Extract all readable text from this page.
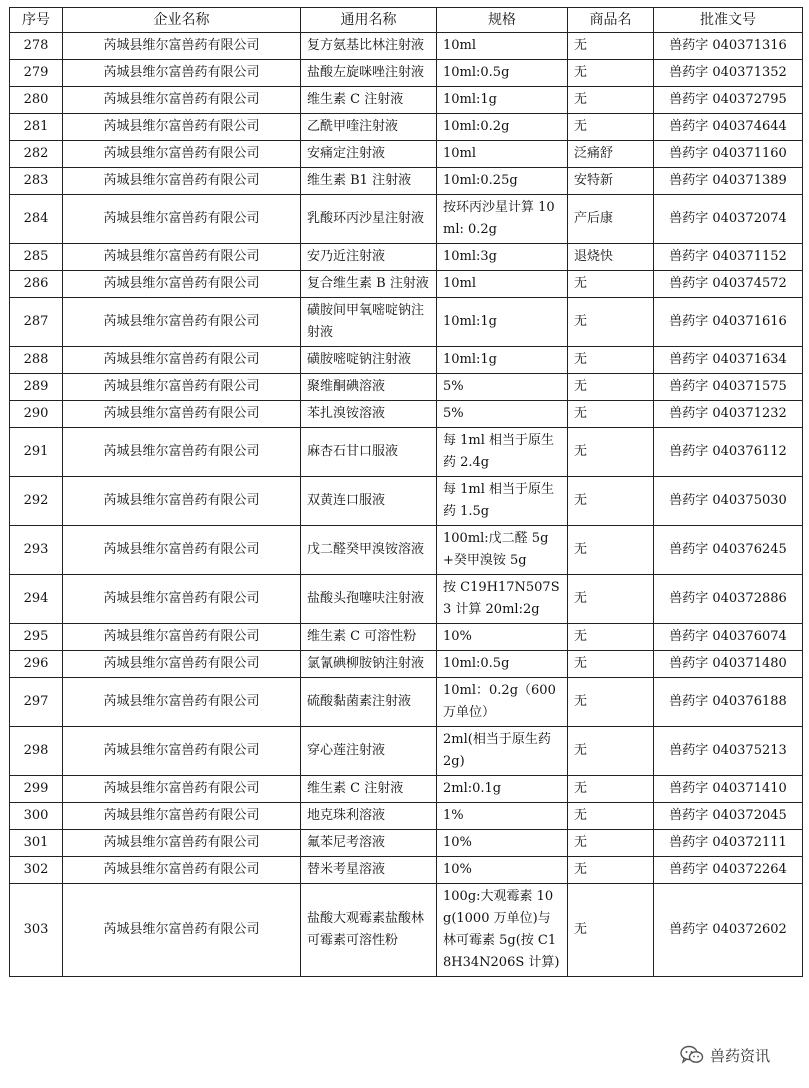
序号	企业名称	通用名称	规格	商品名	批准文号
278	芮城县维尔富兽药有限公司	复方氨基比林注射液	10ml	无	兽药字 040371316
279	芮城县维尔富兽药有限公司	盐酸左旋咪唑注射液	10ml:0.5g	无	兽药字 040371352
280	芮城县维尔富兽药有限公司	维生素 C 注射液	10ml:1g	无	兽药字 040372795
281	芮城县维尔富兽药有限公司	乙酰甲喹注射液	10ml:0.2g	无	兽药字 040374644
282	芮城县维尔富兽药有限公司	安痛定注射液	10ml	泛痛舒	兽药字 040371160
283	芮城县维尔富兽药有限公司	维生素 B1 注射液	10ml:0.25g	安特新	兽药字 040371389
284	芮城县维尔富兽药有限公司	乳酸环丙沙星注射液	按环丙沙星计算 10ml: 0.2g	产后康	兽药字 040372074
285	芮城县维尔富兽药有限公司	安乃近注射液	10ml:3g	退烧快	兽药字 040371152
286	芮城县维尔富兽药有限公司	复合维生素 B 注射液	10ml	无	兽药字 040374572
287	芮城县维尔富兽药有限公司	磺胺间甲氧嘧啶钠注射液	10ml:1g	无	兽药字 040371616
288	芮城县维尔富兽药有限公司	磺胺嘧啶钠注射液	10ml:1g	无	兽药字 040371634
289	芮城县维尔富兽药有限公司	聚维酮碘溶液	5%	无	兽药字 040371575
290	芮城县维尔富兽药有限公司	苯扎溴铵溶液	5%	无	兽药字 040371232
291	芮城县维尔富兽药有限公司	麻杏石甘口服液	每 1ml 相当于原生药 2.4g	无	兽药字 040376112
292	芮城县维尔富兽药有限公司	双黄连口服液	每 1ml 相当于原生药 1.5g	无	兽药字 040375030
293	芮城县维尔富兽药有限公司	戊二醛癸甲溴铵溶液	100ml:戊二醛 5g+癸甲溴铵 5g	无	兽药字 040376245
294	芮城县维尔富兽药有限公司	盐酸头孢噻呋注射液	按 C19H17N507S3 计算 20ml:2g	无	兽药字 040372886
295	芮城县维尔富兽药有限公司	维生素 C 可溶性粉	10%	无	兽药字 040376074
296	芮城县维尔富兽药有限公司	氯氰碘柳胺钠注射液	10ml:0.5g	无	兽药字 040371480
297	芮城县维尔富兽药有限公司	硫酸黏菌素注射液	10ml：0.2g（600 万单位）	无	兽药字 040376188
298	芮城县维尔富兽药有限公司	穿心莲注射液	2ml(相当于原生药 2g)	无	兽药字 040375213
299	芮城县维尔富兽药有限公司	维生素 C 注射液	2ml:0.1g	无	兽药字 040371410
300	芮城县维尔富兽药有限公司	地克珠利溶液	1%	无	兽药字 040372045
301	芮城县维尔富兽药有限公司	氟苯尼考溶液	10%	无	兽药字 040372111
302	芮城县维尔富兽药有限公司	替米考星溶液	10%	无	兽药字 040372264
303	芮城县维尔富兽药有限公司	盐酸大观霉素盐酸林可霉素可溶性粉	100g:大观霉素 10g(1000 万单位)与林可霉素 5g(按 C18H34N206S 计算)	无	兽药字 040372602
兽药资讯
